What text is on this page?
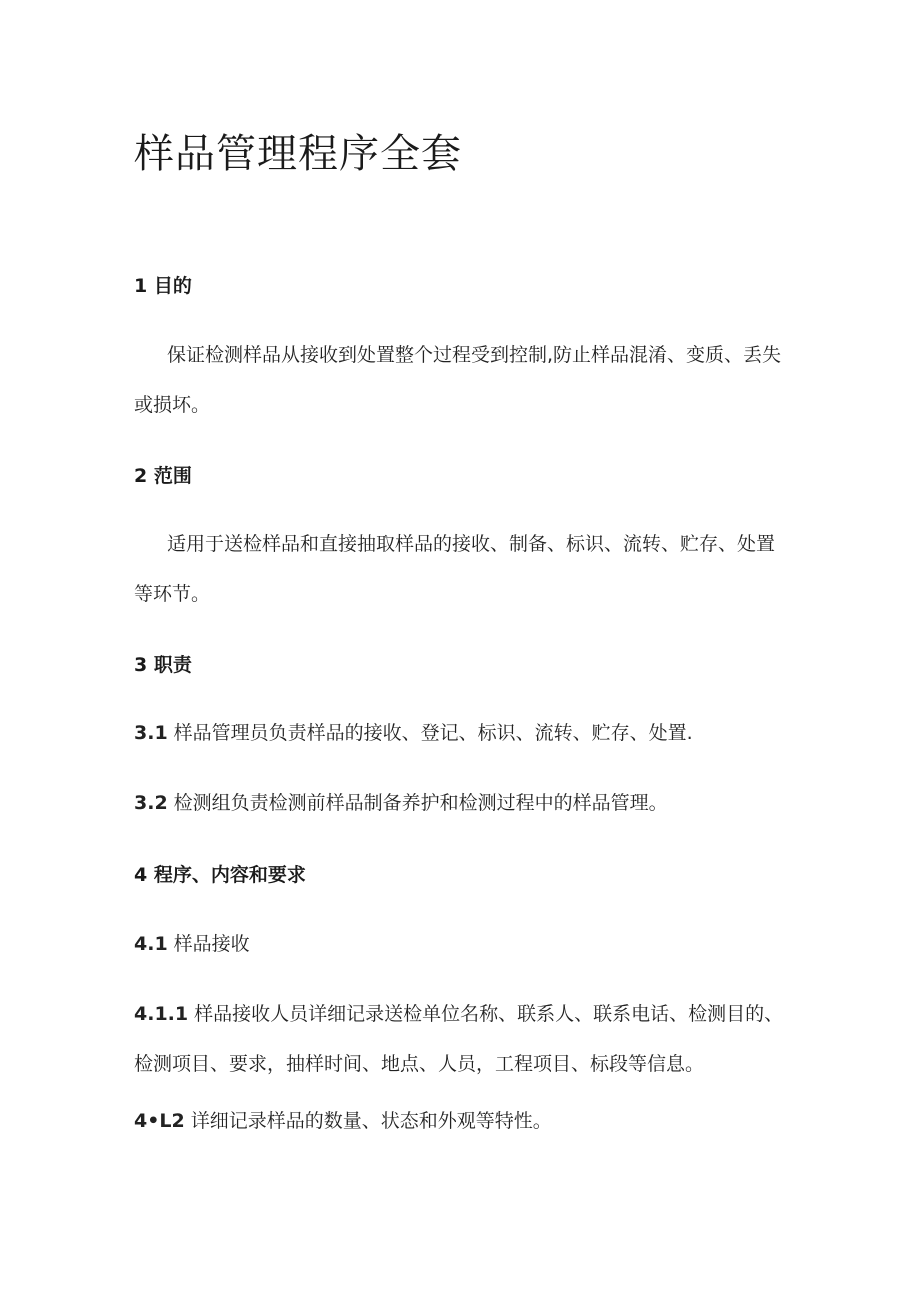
样品管理程序全套
1 目的

保证检测样品从接收到处置整个过程受到控制,防止样品混淆、变质、丢失或损坏。

2 范围

适用于送检样品和直接抽取样品的接收、制备、标识、流转、贮存、处置等环节。

3 职责

3.1 样品管理员负责样品的接收、登记、标识、流转、贮存、处置.

3.2 检测组负责检测前样品制备养护和检测过程中的样品管理。

4 程序、内容和要求

4.1 样品接收

4.1.1 样品接收人员详细记录送检单位名称、联系人、联系电话、检测目的、检测项目、要求，抽样时间、地点、人员，工程项目、标段等信息。

4•L2 详细记录样品的数量、状态和外观等特性。
